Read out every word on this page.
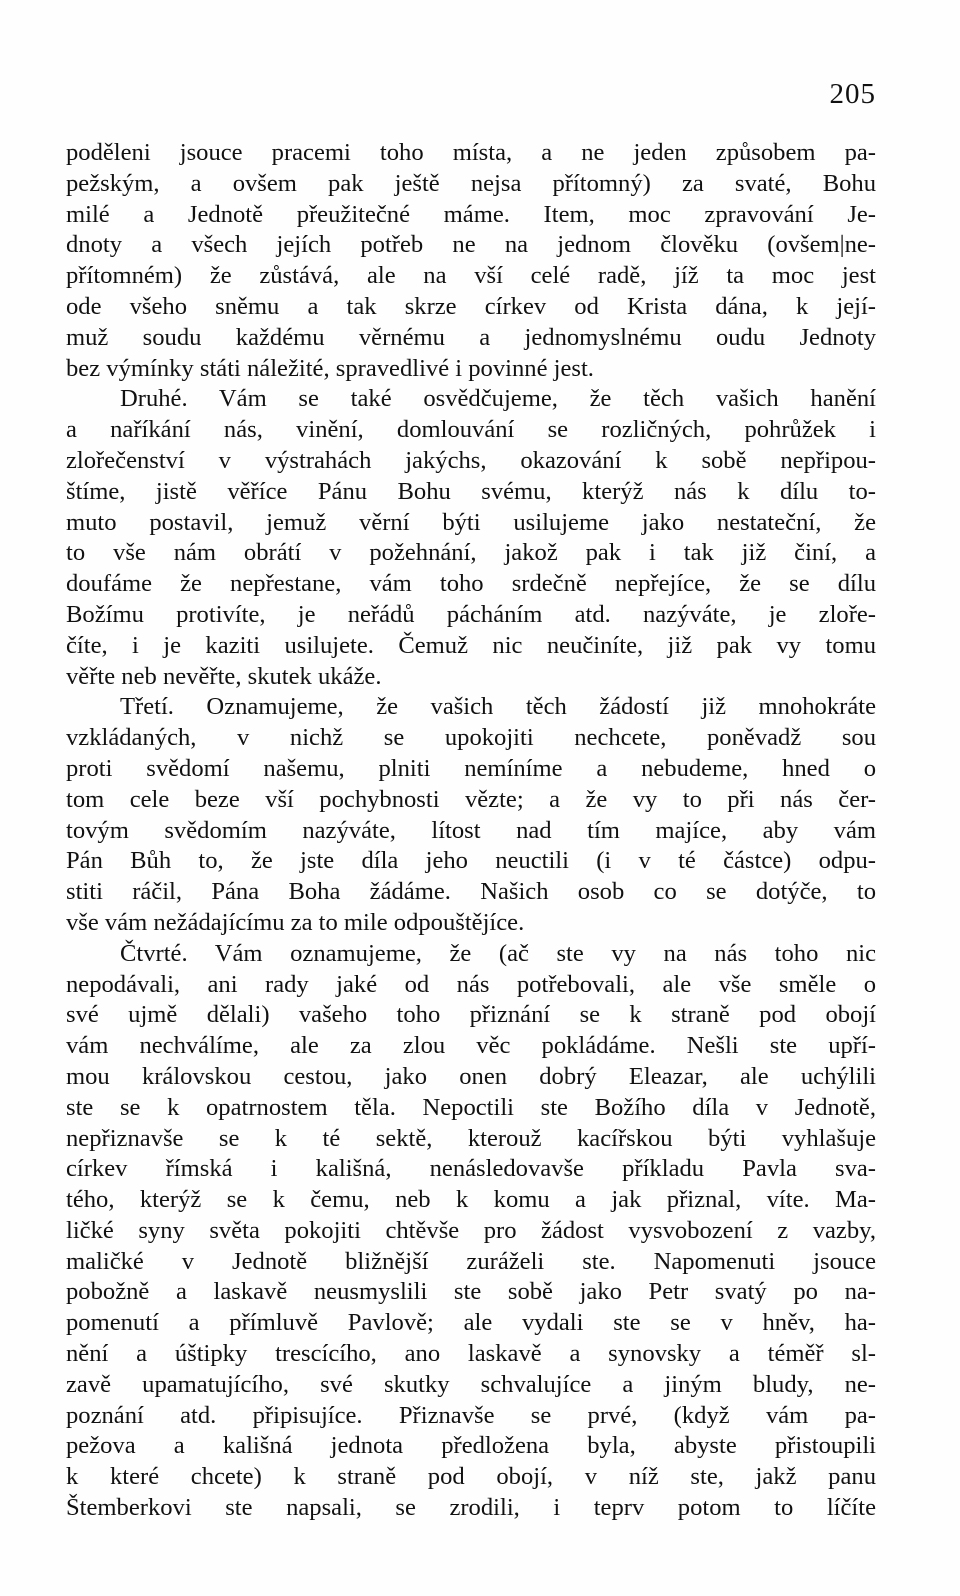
205
poděleni jsouce pracemi toho místa, a ne jeden způsobem pa-
pežským, a ovšem pak ještě nejsa přítomný) za svaté, Bohu
milé a Jednotě přeužitečné máme. Item, moc zpravování Je-
dnoty a všech jejích potřeb ne na jednom člověku (ovšem|ne-
přítomném) že zůstává, ale na vší celé radě, jíž ta moc jest
ode všeho sněmu a tak skrze církev od Krista dána, k její-
muž soudu každému věrnému a jednomyslnému oudu Jednoty
bez výmínky státi náležité, spravedlivé i povinné jest.
Druhé. Vám se také osvědčujeme, že těch vašich hanění
a naříkání nás, vinění, domlouvání se rozličných, pohrůžek i
zlořečenství v výstrahách jakýchs, okazování k sobě nepřipou-
štíme, jistě věříce Pánu Bohu svému, kterýž nás k dílu to-
muto postavil, jemuž věrní býti usilujeme jako nestateční, že
to vše nám obrátí v požehnání, jakož pak i tak již činí, a
doufáme že nepřestane, vám toho srdečně nepřejíce, že se dílu
Božímu protivíte, je neřádů pácháním atd. nazýváte, je zlоře-
číte, i je kaziti usilujete. Čemuž nic neučiníte, již pak vy tomu
věřte neb nevěřte, skutek ukáže.
Třetí. Oznamujeme, že vašich těch žádostí již mnohokráte
vzkládaných, v nichž se upokojiti nechcete, poněvadž sou
proti svědomí našemu, plniti nemíníme a nebudeme, hned o
tom cele beze vší pochybnosti vězte; a že vy to při nás čer-
tovým svědomím nazýváte, lítost nad tím majíce, aby vám
Pán Bůh to, že jste díla jeho neuctili (i v té částce) odpu-
stiti ráčil, Pána Boha žádáme. Našich osob co se dotýče, to
vše vám nežádajícímu za to mile odpouštějíce.
Čtvrté. Vám oznamujeme, že (ač ste vy na nás toho nic
nepodávali, ani rady jaké od nás potřebovali, ale vše směle o
své ujmě dělali) vašeho toho přiznání se k straně pod obojí
vám nechválíme, ale za zlou věc pokládáme. Nešli ste upří-
mou královskou cestou, jako onen dobrý Eleazar, ale uchýlili
ste se k opatrnostem těla. Nepoctili ste Božího díla v Jednotě,
nepřiznavše se k té sektě, kterouž kacířskou býti vyhlašuje
církev římská i kališná, nenásledovavše příkladu Pavla sva-
tého, kterýž se k čemu, neb k komu a jak přiznal, víte. Ma-
ličké syny světa pokojiti chtěvše pro žádost vysvobození z vazby,
maličké v Jednotě bližnější zuráželi ste. Napomenuti jsouce
pobožně a laskavě neusmyslili ste sobě jako Petr svatý po na-
pomenutí a přímluvě Pavlově; ale vydali ste se v hněv, ha-
nění a úštipky trescícího, ano laskavě a synovsky a téměř sl-
zavě upamatujícího, své skutky schvalujíce a jiným bludy, ne-
poznání atd. připisujíce. Přiznavše se prvé, (když vám pa-
pežova a kališná jednota předložena byla, abyste přistoupili
k které chcete) k straně pod obojí, v níž ste, jakž panu
Štemberkovi ste napsali, se zrodili, i teprv potom to líčíte
